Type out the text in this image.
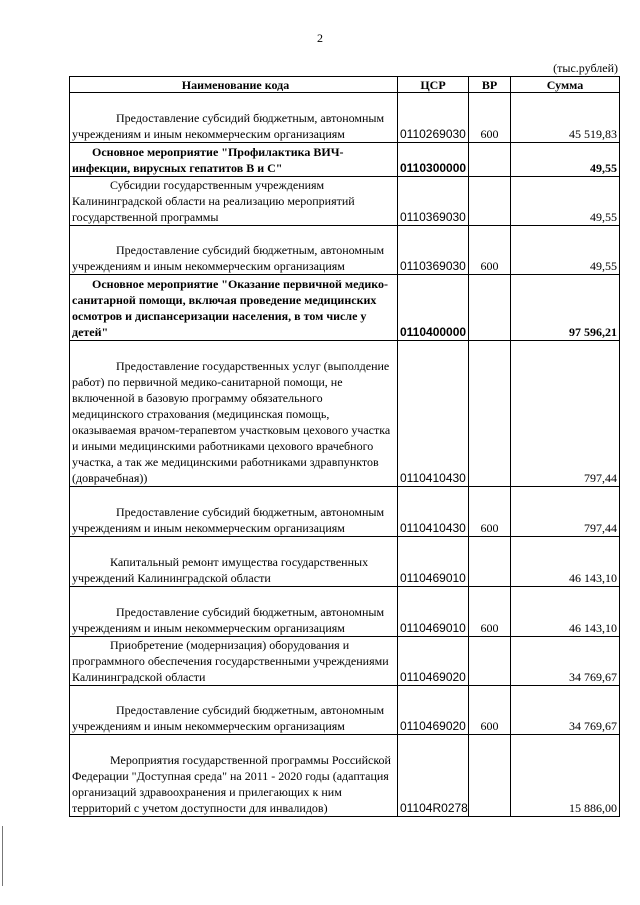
2
(тыс.рублей)
Наименование кода	ЦСР	ВР	Сумма

Предоставление субсидий бюджетным, автономным учреждениям и иным некоммерческим организациям	0110269030	600	45 519,83

Основное мероприятие "Профилактика ВИЧ-инфекции, вирусных гепатитов В и С"	0110300000		49,55

Субсидии государственным учреждениям Калининградской области на реализацию мероприятий государственной программы	0110369030		49,55

Предоставление субсидий бюджетным, автономным учреждениям и иным некоммерческим организациям	0110369030	600	49,55

Основное мероприятие "Оказание первичной медико-санитарной помощи, включая проведение медицинских осмотров и диспансеризации населения, в том числе у детей"	0110400000		97 596,21

Предоставление государственных услуг (выполдение работ) по первичной медико-санитарной помощи, не включенной в базовую программу обязательного медицинского страхования (медицинская помощь, оказываемая врачом-терапевтом участковым цехового участка и иными медицинскими работниками цехового врачебного участка, а так же медицинскими работниками здравпунктов (доврачебная))	0110410430		797,44

Предоставление субсидий бюджетным, автономным учреждениям и иным некоммерческим организациям	0110410430	600	797,44

Капитальный ремонт имущества государственных учреждений Калининградской области	0110469010		46 143,10

Предоставление субсидий бюджетным, автономным учреждениям и иным некоммерческим организациям	0110469010	600	46 143,10

Приобретение (модернизация) оборудования и программного обеспечения государственными учреждениями Калининградской области	0110469020		34 769,67

Предоставление субсидий бюджетным, автономным учреждениям и иным некоммерческим организациям	0110469020	600	34 769,67

Мероприятия государственной программы Российской Федерации "Доступная среда" на 2011 - 2020 годы (адаптация организаций здравоохранения и прилегающих к ним территорий с учетом доступности для инвалидов)	01104R0278		15 886,00
